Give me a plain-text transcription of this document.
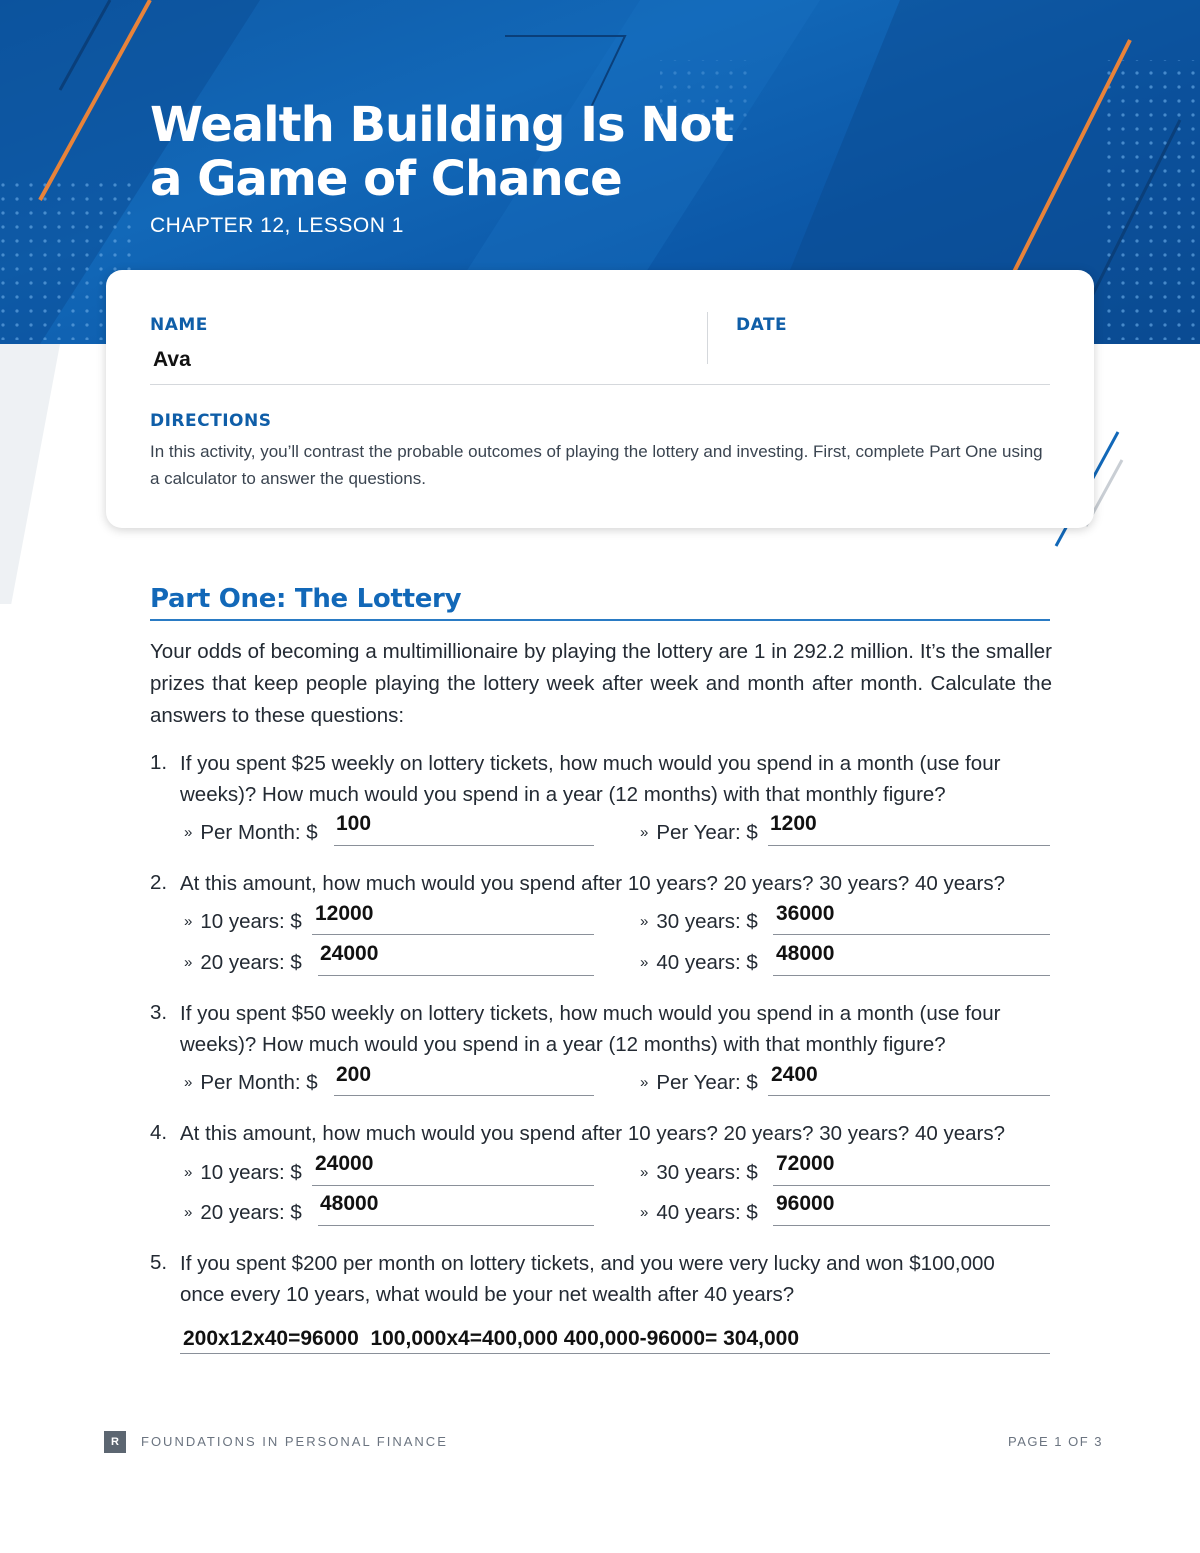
Wealth Building Is Not
a Game of Chance
CHAPTER 12, LESSON 1
NAME
Ava
DATE
DIRECTIONS

In this activity, you’ll contrast the probable outcomes of playing the lottery and investing. First, complete Part One using a calculator to answer the questions.

Part One: The Lottery

Your odds of becoming a multimillionaire by playing the lottery are 1 in 292.2 million. It’s the smaller prizes that keep people playing the lottery week after week and month after month. Calculate the answers to these questions:

1. If you spent $25 weekly on lottery tickets, how much would you spend in a month (use four weeks)? How much would you spend in a year (12 months) with that monthly figure?

» Per Month: $ 100	» Per Year: $ 1200
2. At this amount, how much would you spend after 10 years? 20 years? 30 years? 40 years?

» 10 years: $ 12000	» 30 years: $ 36000
» 20 years: $ 24000	» 40 years: $ 48000
3. If you spent $50 weekly on lottery tickets, how much would you spend in a month (use four weeks)? How much would you spend in a year (12 months) with that monthly figure?

» Per Month: $ 200	» Per Year: $ 2400
4. At this amount, how much would you spend after 10 years? 20 years? 30 years? 40 years?

» 10 years: $ 24000	» 30 years: $ 72000
» 20 years: $ 48000	» 40 years: $ 96000
5. If you spent $200 per month on lottery tickets, and you were very lucky and won $100,000 once every 10 years, what would be your net wealth after 40 years?

200x12x40=96000  100,000x4=400,000 400,000-96000= 304,000
R	FOUNDATIONS IN PERSONAL FINANCE	PAGE 1 OF 3
